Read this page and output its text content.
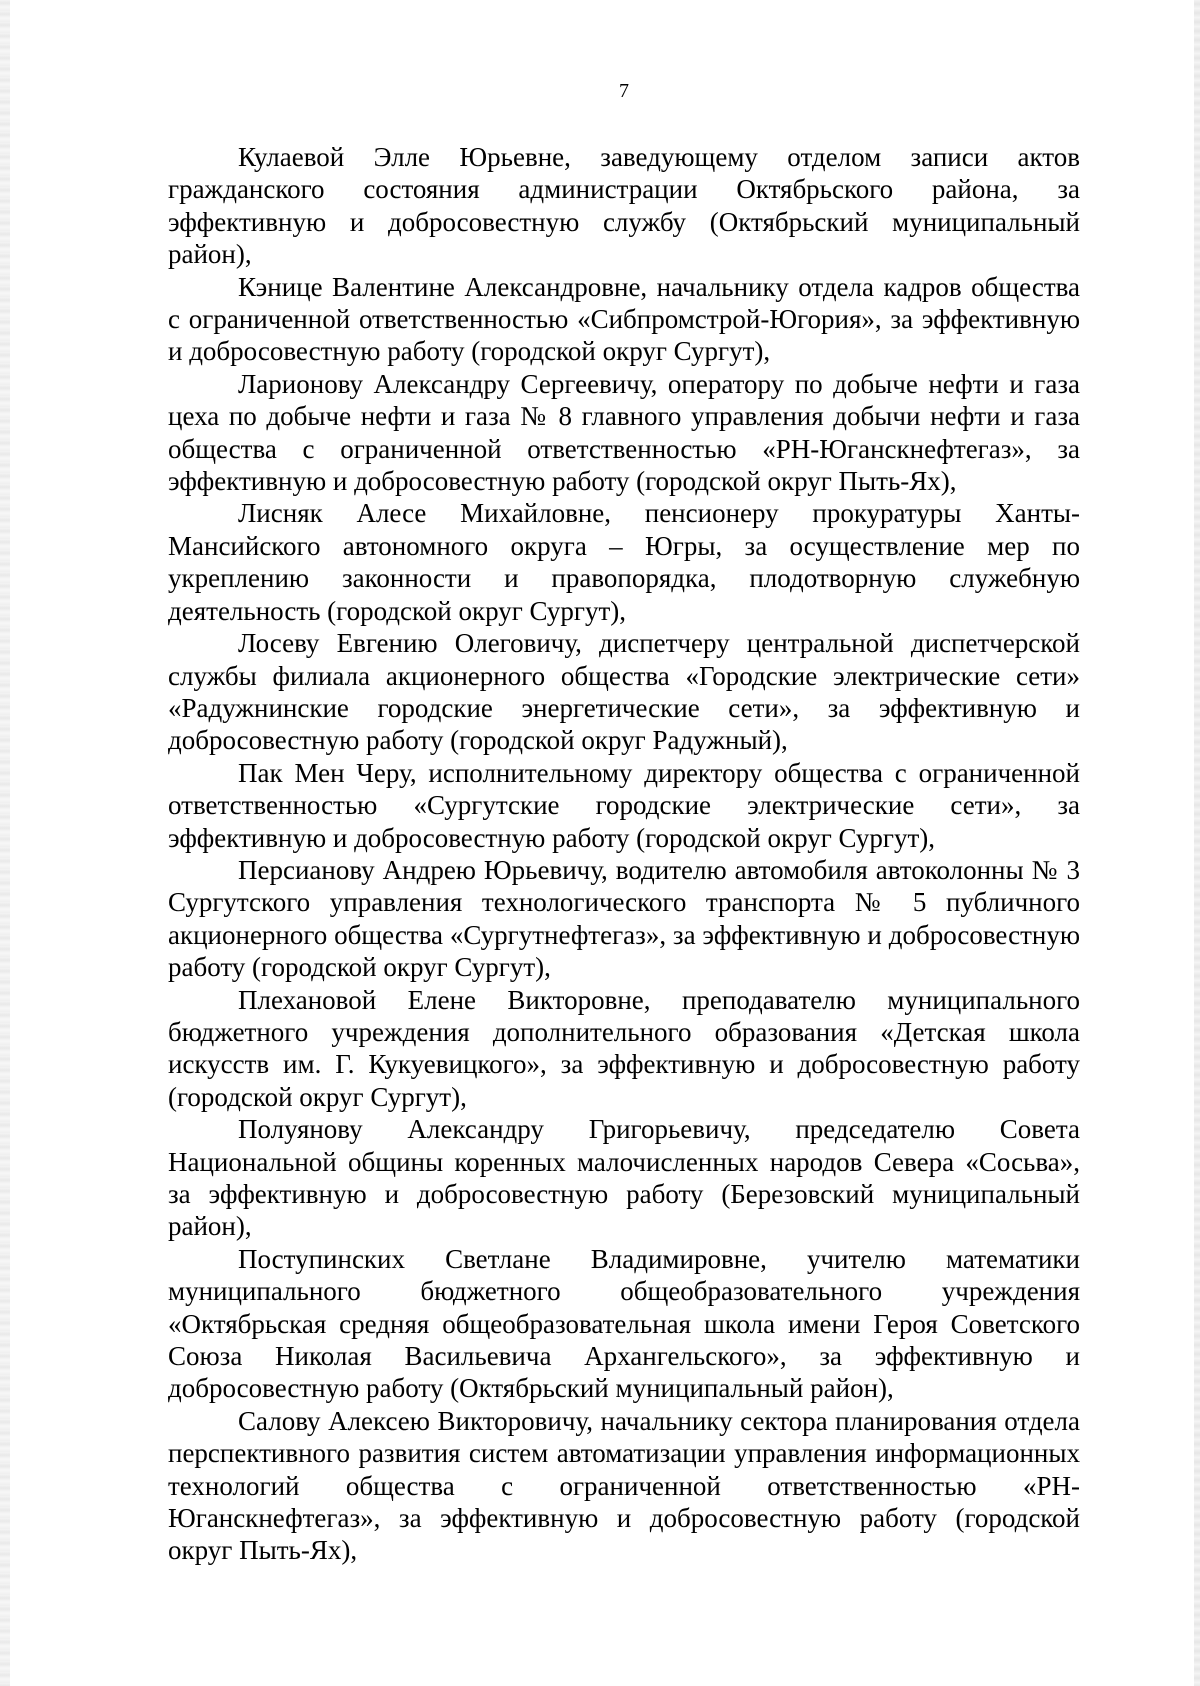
7

Кулаевой Элле Юрьевне, заведующему отделом записи актов гражданского состояния администрации Октябрьского района, за эффективную и добросовестную службу (Октябрьский муниципальный район),

Кэнице Валентине Александровне, начальнику отдела кадров общества с ограниченной ответственностью «Сибпромстрой-Югория», за эффективную и добросовестную работу (городской округ Сургут),

Ларионову Александру Сергеевичу, оператору по добыче нефти и газа цеха по добыче нефти и газа № 8 главного управления добычи нефти и газа общества с ограниченной ответственностью «РН-Юганскнефтегаз», за эффективную и добросовестную работу (городской округ Пыть-Ях),

Лисняк Алесе Михайловне, пенсионеру прокуратуры Ханты-Мансийского автономного округа – Югры, за осуществление мер по укреплению законности и правопорядка, плодотворную служебную деятельность (городской округ Сургут),

Лосеву Евгению Олеговичу, диспетчеру центральной диспетчерской службы филиала акционерного общества «Городские электрические сети» «Радужнинские городские энергетические сети», за эффективную и добросовестную работу (городской округ Радужный),

Пак Мен Черу, исполнительному директору общества с ограниченной ответственностью «Сургутские городские электрические сети», за эффективную и добросовестную работу (городской округ Сургут),

Персианову Андрею Юрьевичу, водителю автомобиля автоколонны № 3 Сургутского управления технологического транспорта № 5 публичного акционерного общества «Сургутнефтегаз», за эффективную и добросовестную работу (городской округ Сургут),

Плехановой Елене Викторовне, преподавателю муниципального бюджетного учреждения дополнительного образования «Детская школа искусств им. Г. Кукуевицкого», за эффективную и добросовестную работу (городской округ Сургут),

Полуянову Александру Григорьевичу, председателю Совета Национальной общины коренных малочисленных народов Севера «Сосьва», за эффективную и добросовестную работу (Березовский муниципальный район),

Поступинских Светлане Владимировне, учителю математики муниципального бюджетного общеобразовательного учреждения «Октябрьская средняя общеобразовательная школа имени Героя Советского Союза Николая Васильевича Архангельского», за эффективную и добросовестную работу (Октябрьский муниципальный район),

Салову Алексею Викторовичу, начальнику сектора планирования отдела перспективного развития систем автоматизации управления информационных технологий общества с ограниченной ответственностью «РН-Юганскнефтегаз», за эффективную и добросовестную работу (городской округ Пыть-Ях),
